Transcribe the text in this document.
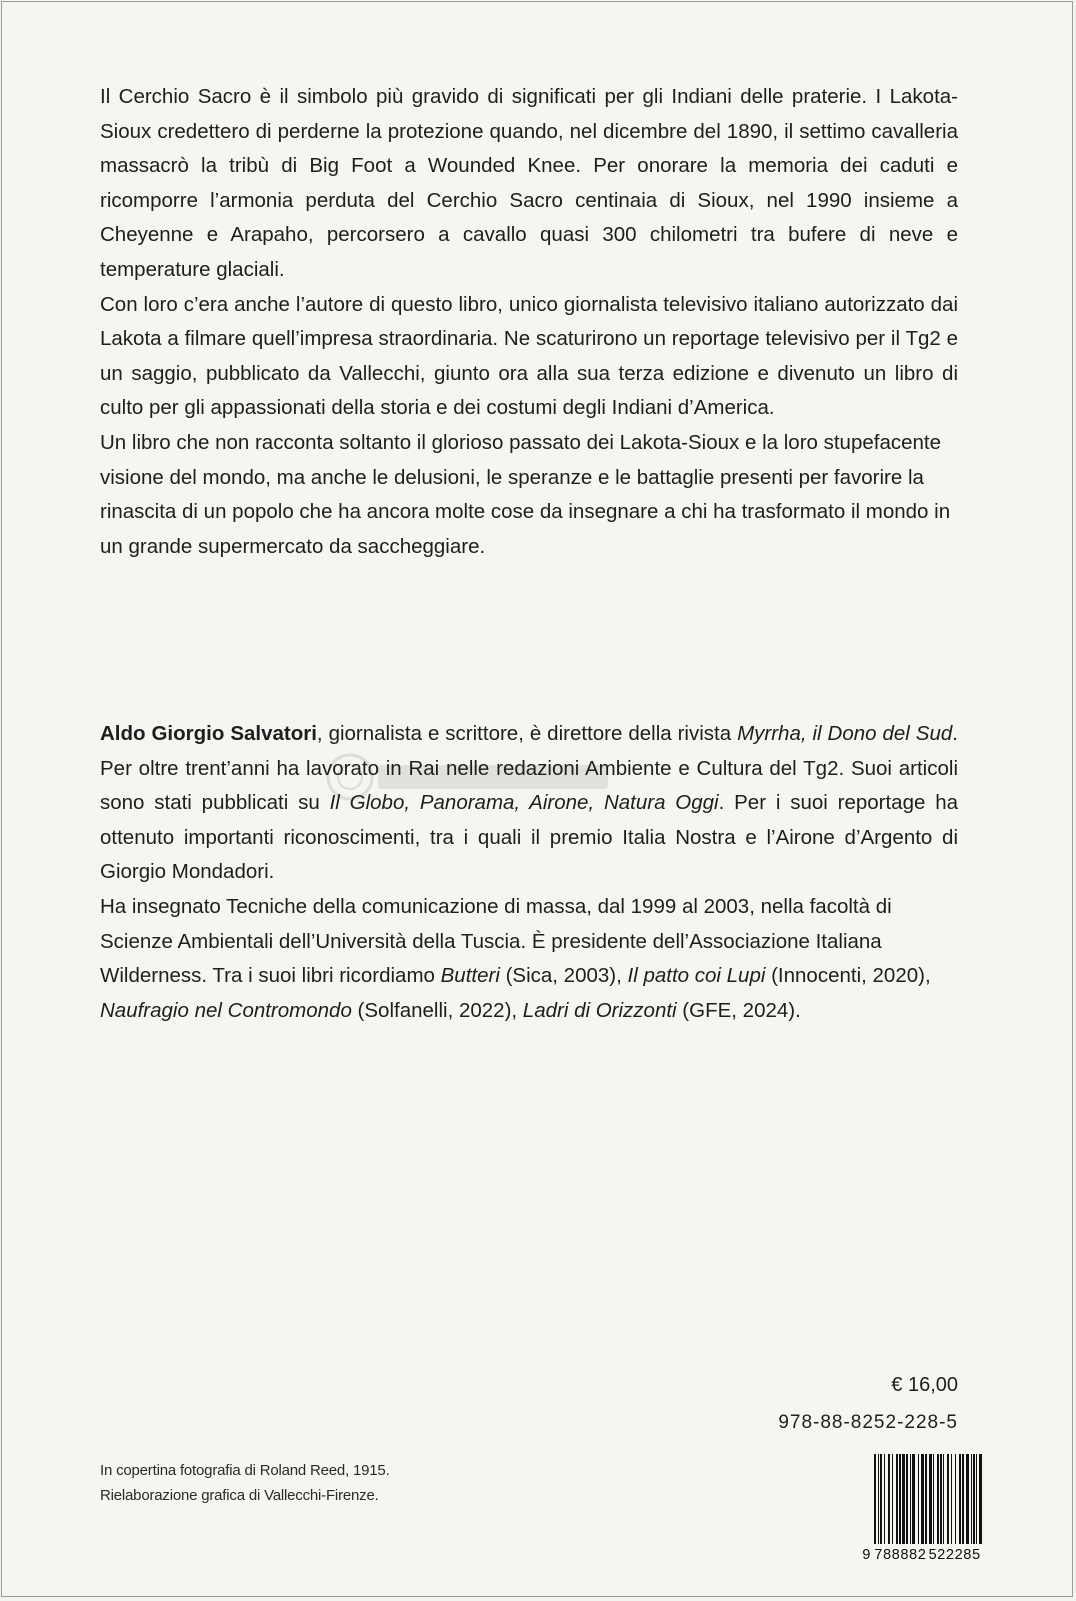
Il Cerchio Sacro è il simbolo più gravido di significati per gli Indiani delle praterie. I Lakota-Sioux credettero di perderne la protezione quando, nel dicembre del 1890, il settimo cavalleria massacrò la tribù di Big Foot a Wounded Knee. Per onorare la memoria dei caduti e ricomporre l’armonia perduta del Cerchio Sacro centinaia di Sioux, nel 1990 insieme a Cheyenne e Arapaho, percorsero a cavallo quasi 300 chilometri tra bufere di neve e temperature glaciali.

Con loro c’era anche l’autore di questo libro, unico giornalista televisivo italiano autorizzato dai Lakota a filmare quell’impresa straordinaria. Ne scaturirono un reportage televisivo per il Tg2 e un saggio, pubblicato da Vallecchi, giunto ora alla sua terza edizione e divenuto un libro di culto per gli appassionati della storia e dei costumi degli Indiani d’America.

Un libro che non racconta soltanto il glorioso passato dei Lakota-Sioux e la loro stupefacente visione del mondo, ma anche le delusioni, le speranze e le battaglie presenti per favorire la rinascita di un popolo che ha ancora molte cose da insegnare a chi ha trasformato il mondo in un grande supermercato da saccheggiare.

Aldo Giorgio Salvatori, giornalista e scrittore, è direttore della rivista Myrrha, il Dono del Sud. Per oltre trent’anni ha lavorato in Rai nelle redazioni Ambiente e Cultura del Tg2. Suoi articoli sono stati pubblicati su Il Globo, Panorama, Airone, Natura Oggi. Per i suoi reportage ha ottenuto importanti riconoscimenti, tra i quali il premio Italia Nostra e l’Airone d’Argento di Giorgio Mondadori.

Ha insegnato Tecniche della comunicazione di massa, dal 1999 al 2003, nella facoltà di Scienze Ambientali dell’Università della Tuscia. È presidente dell’Associazione Italiana Wilderness. Tra i suoi libri ricordiamo Butteri (Sica, 2003), Il patto coi Lupi (Innocenti, 2020), Naufragio nel Contromondo (Solfanelli, 2022), Ladri di Orizzonti (GFE, 2024).

€ 16,00
978-88-8252-228-5
9 788882 522285
In copertina fotografia di Roland Reed, 1915.
Rielaborazione grafica di Vallecchi-Firenze.
